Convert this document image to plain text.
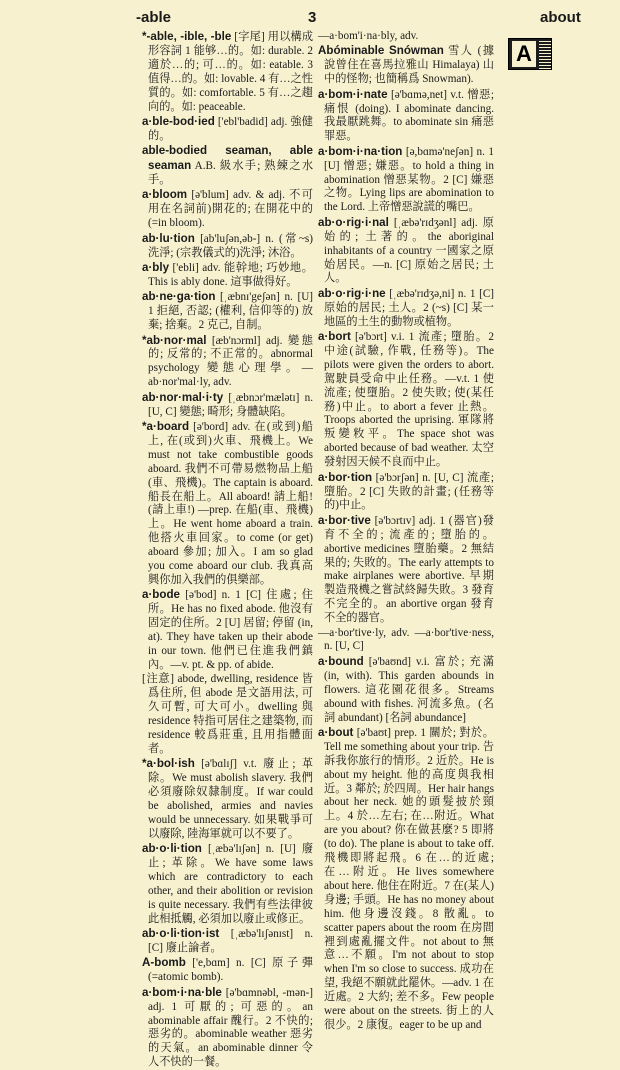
-able	3	about

*-able, -ible, -ble [字尾] 用以構成形容詞 1 能够…的。如: durable. 2 適於…的; 可…的。如: eatable. 3 值得…的。如: lovable. 4 有…之性質的。如: comfortable. 5 有…之趨向的。如: peaceable.

a·ble-bod·ied ['ebl'badid] adj. 強健的。

able-bodied seaman, able seaman A.B. 級水手; 熟練之水手。

a·bloom [ə'blum] adv. & adj. 不可用在名詞前)開花的; 在開花中的 (=in bloom).

ab·lu·tion [ab'luʃən,əb-] n. (常~s) 洗淨; (宗教儀式的)洗淨; 沐浴。

a·bly ['ebli] adv. 能幹地; 巧妙地。This is ably done. 這事做得好。

ab·ne·ga·tion [ˌæbnɪ'geʃən] n. [U] 1 拒絕, 否認; (權利, 信仰等的) 放棄; 捨棄。2 克己, 自制。

*ab·nor·mal [æb'nɔrml] adj. 變態的; 反常的; 不正常的。abnormal psychology 變態心理學。—ab·nor'mal·ly, adv.

ab·nor·mal·i·ty [ˌæbnɔr'mælətɪ] n. [U, C] 變態; 畸形; 身體缺陷。

*a·board [ə'bord] adv. 在(或到)船上, 在(或到)火車、飛機上。We must not take combustible goods aboard. 我們不可帶易燃物品上船(車、飛機)。The captain is aboard. 船長在船上。All aboard! 請上船! (請上車!) —prep. 在船(車、飛機)上。He went home aboard a train. 他搭火車回家。to come (or get) aboard 參加; 加入。I am so glad you come aboard our club. 我真高興你加入我們的俱樂部。

a·bode [ə'bod] n. 1 [C] 住處; 住所。He has no fixed abode. 他沒有固定的住所。2 [U] 居留; 停留 (in, at). They have taken up their abode in our town. 他們已住進我們鎮內。—v. pt. & pp. of abide.

[注意] abode, dwelling, residence 皆爲住所, 但 abode 是文語用法, 可久可暫, 可大可小。dwelling 與 residence 特指可居住之建築物, 而 residence 較爲莊重, 且用指體面者。

*a·bol·ish [ə'bɑlɪʃ] v.t. 廢止; 革除。We must abolish slavery. 我們必須廢除奴隸制度。If war could be abolished, armies and navies would be unnecessary. 如果戰爭可以廢除, 陸海軍就可以不要了。

ab·o·li·tion [ˌæbə'lɪʃən] n. [U] 廢止; 革除。We have some laws which are contradictory to each other, and their abolition or revision is quite necessary. 我們有些法律彼此相抵觸, 必須加以廢止或修正。

ab·o·li·tion·ist [ˌæbə'lɪʃənɪst] n. [C] 廢止論者。

A-bomb ['e,bɑm] n. [C] 原子彈(=atomic bomb).

a·bom·i·na·ble [ə'bɑmnəbl, -mən-] adj. 1 可厭的; 可惡的。an abominable affair 醜行。2 不快的; 惡劣的。abominable weather 惡劣的天氣。an abominable dinner 令人不快的一餐。

—a·bom'i·na·bly, adv.

Abóminable Snówman 雪人 (據說曾住在喜馬拉雅山 Himalaya) 山中的怪物; 也簡稱爲 Snowman).

a·bom·i·nate [ə'bɑmə,net] v.t. 憎惡; 痛恨 (doing). I abominate dancing. 我最厭跳舞。to abominate sin 痛惡罪惡。

a·bom·i·na·tion [ə,bɑmə'neʃən] n. 1 [U] 憎惡; 嫌惡。to hold a thing in abomination 憎惡某物。2 [C] 嫌惡之物。Lying lips are abomination to the Lord. 上帝憎惡說謊的嘴巴。

ab·o·rig·i·nal [ˌæbə'rɪdʒənl] adj. 原始的; 土著的。the aboriginal inhabitants of a country 一國家之原始居民。—n. [C] 原始之居民; 土人。

ab·o·rig·i·ne [ˌæbə'rɪdʒə,ni] n. 1 [C] 原始的居民; 土人。2 (~s) [C] 某一地區的土生的動物或植物。

a·bort [ə'bɔrt] v.i. 1 流產; 墮胎。2 中途(試驗, 作戰, 任務等)。The pilots were given the orders to abort. 駕駛員受命中止任務。—v.t. 1 使流產; 使墮胎。2 使失敗; 使(某任務)中止。to abort a fever 止熱。Troops aborted the uprising. 軍隊將叛變敉平。The space shot was aborted because of bad weather. 太空發射因天候不良而中止。

a·bor·tion [ə'bɔrʃən] n. [U, C] 流產; 墮胎。2 [C] 失敗的計畫; (任務等的)中止。

a·bor·tive [ə'bɔrtɪv] adj. 1 (器官)發育不全的; 流產的; 墮胎的。abortive medicines 墮胎藥。2 無結果的; 失敗的。The early attempts to make airplanes were abortive. 早期製造飛機之嘗試終歸失敗。3 發育不完全的。an abortive organ 發育不全的器官。

—a·bor'tive·ly, adv. —a·bor'tive·ness, n. [U, C]

a·bound [ə'baʊnd] v.i. 富於; 充滿 (in, with). This garden abounds in flowers. 這花園花很多。Streams abound with fishes. 河流多魚。(名詞 abundant) [名詞 abundance]

a·bout [ə'baʊt] prep. 1 關於; 對於。Tell me something about your trip. 告訴我你旅行的情形。2 近於。He is about my height. 他的高度與我相近。3 鄰於; 於四周。Her hair hangs about her neck. 她的頭髮披於頸上。4 於…左右; 在…附近。What are you about? 你在做甚麼? 5 即將 (to do). The plane is about to take off. 飛機即將起飛。6 在…的近處; 在…附近。He lives somewhere about here. 他住在附近。7 在(某人)身邊; 手頭。He has no money about him. 他身邊沒錢。8 散亂。to scatter papers about the room 在房間裡到處亂擺文件。not about to 無意…不願。I'm not about to stop when I'm so close to success. 成功在望, 我絕不願就此罷休。—adv. 1 在近處。2 大約; 差不多。Few people were about on the streets. 街上的人很少。2 康復。eager to be up and

A
